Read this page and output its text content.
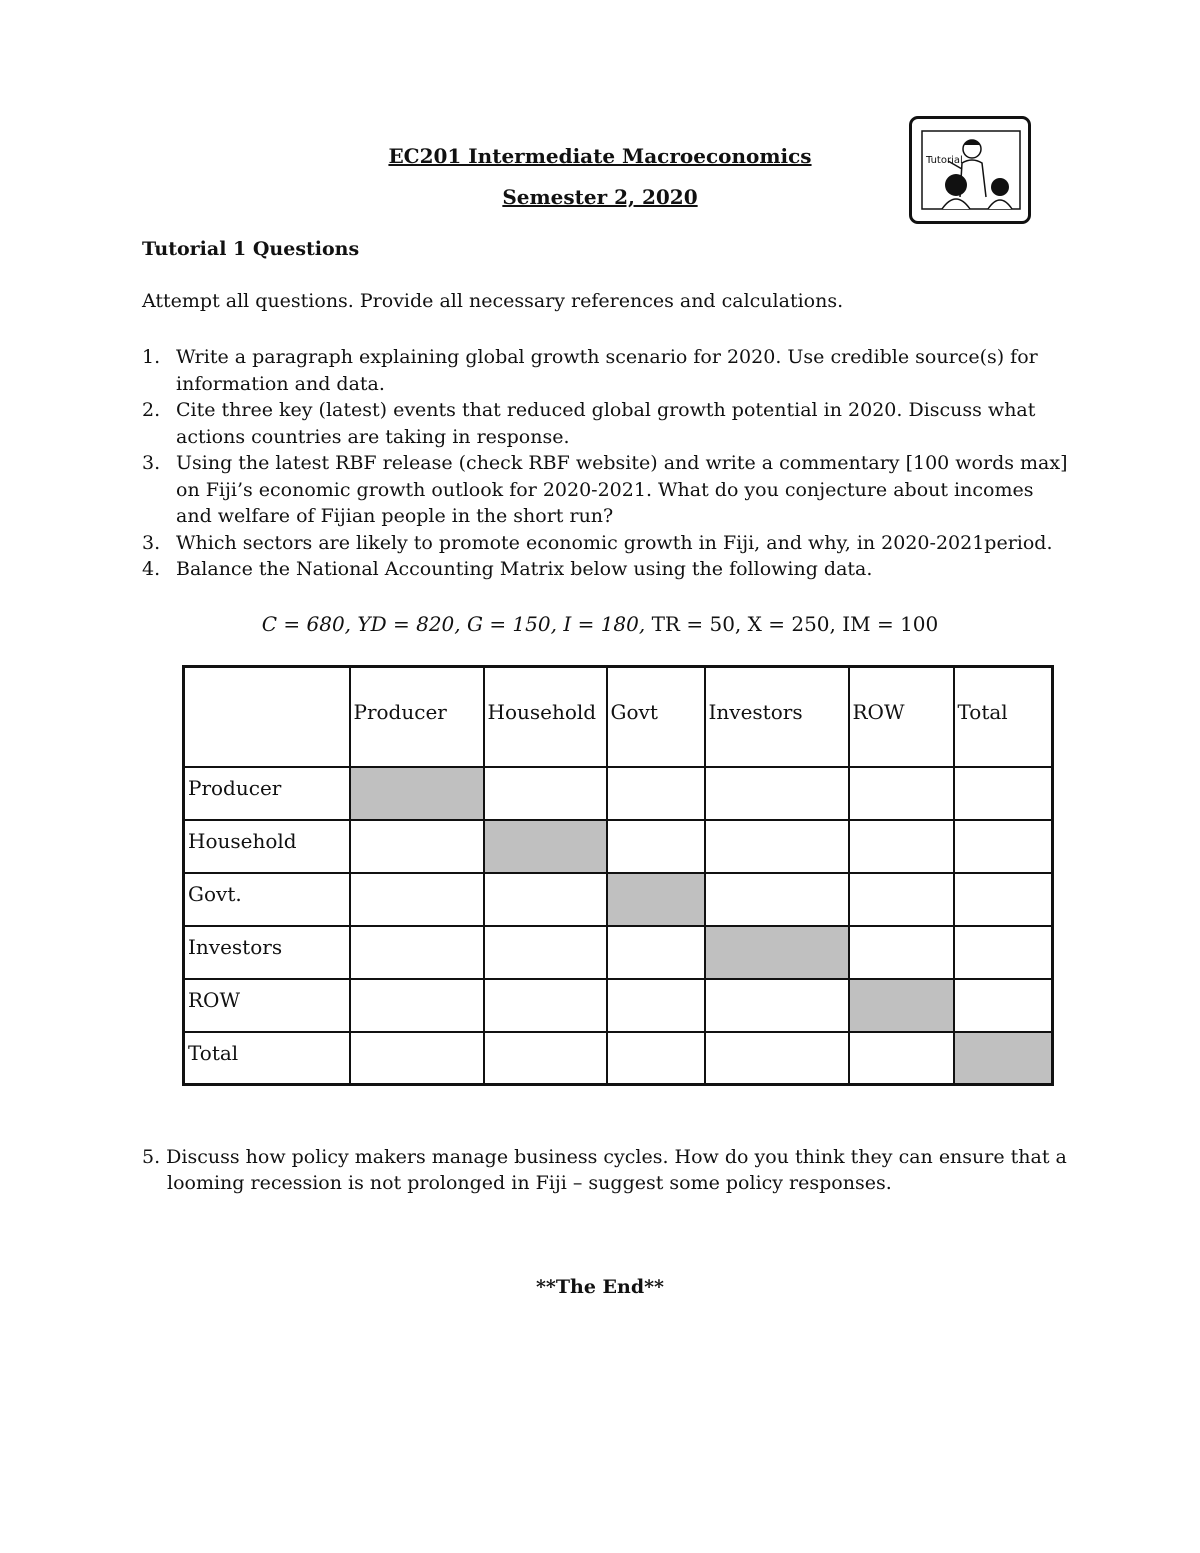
EC201 Intermediate Macroeconomics
Semester 2, 2020
Tutorial
Tutorial 1 Questions
Attempt all questions. Provide all necessary references and calculations.
1. Write a paragraph explaining global growth scenario for 2020. Use credible source(s) for information and data.
2. Cite three key (latest) events that reduced global growth potential in 2020. Discuss what actions countries are taking in response.
3. Using the latest RBF release (check RBF website) and write a commentary [100 words max] on Fiji’s economic growth outlook for 2020-2021. What do you conjecture about incomes and welfare of Fijian people in the short run?
3. Which sectors are likely to promote economic growth in Fiji, and why, in 2020-2021period.
4. Balance the National Accounting Matrix below using the following data.
C = 680, YD = 820, G = 150, I = 180, TR = 50, X = 250, IM = 100
	Producer	Household	Govt	Investors	ROW	Total
Producer						
Household						
Govt.						
Investors						
ROW						
Total						
5. Discuss how policy makers manage business cycles. How do you think they can ensure that a
looming recession is not prolonged in Fiji – suggest some policy responses.
**The End**
